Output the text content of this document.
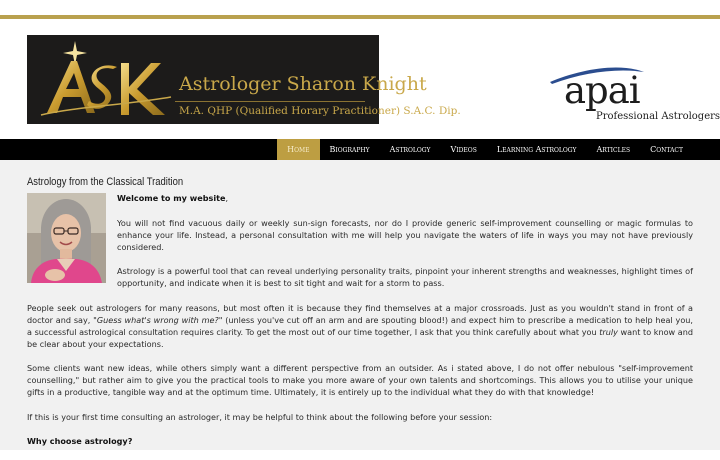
Astrologer Sharon Knight
M.A. QHP (Qualified Horary Practitioner) S.A.C. Dip.	apai
Professional Astrologers
Home	Biography	Astrology	Videos	Learning Astrology	Articles	Contact
Astrology from the Classical Tradition

Welcome to my website,

You will not find vacuous daily or weekly sun-sign forecasts, nor do I provide generic self-improvement counselling or magic formulas to enhance your life. Instead, a personal consultation with me will help you navigate the waters of life in ways you may not have previously considered.

Astrology is a powerful tool that can reveal underlying personality traits, pinpoint your inherent strengths and weaknesses, highlight times of opportunity, and indicate when it is best to sit tight and wait for a storm to pass.

People seek out astrologers for many reasons, but most often it is because they find themselves at a major crossroads. Just as you wouldn't stand in front of a doctor and say, "Guess what's wrong with me?" (unless you've cut off an arm and are spouting blood!) and expect him to prescribe a medication to help heal you, a successful astrological consultation requires clarity. To get the most out of our time together, I ask that you think carefully about what you truly want to know and be clear about your expectations.

Some clients want new ideas, while others simply want a different perspective from an outsider. As i stated above, I do not offer nebulous "self-improvement counselling," but rather aim to give you the practical tools to make you more aware of your own talents and shortcomings. This allows you to utilise your unique gifts in a productive, tangible way and at the optimum time. Ultimately, it is entirely up to the individual what they do with that knowledge!

If this is your first time consulting an astrologer, it may be helpful to think about the following before your session:

Why choose astrology?
